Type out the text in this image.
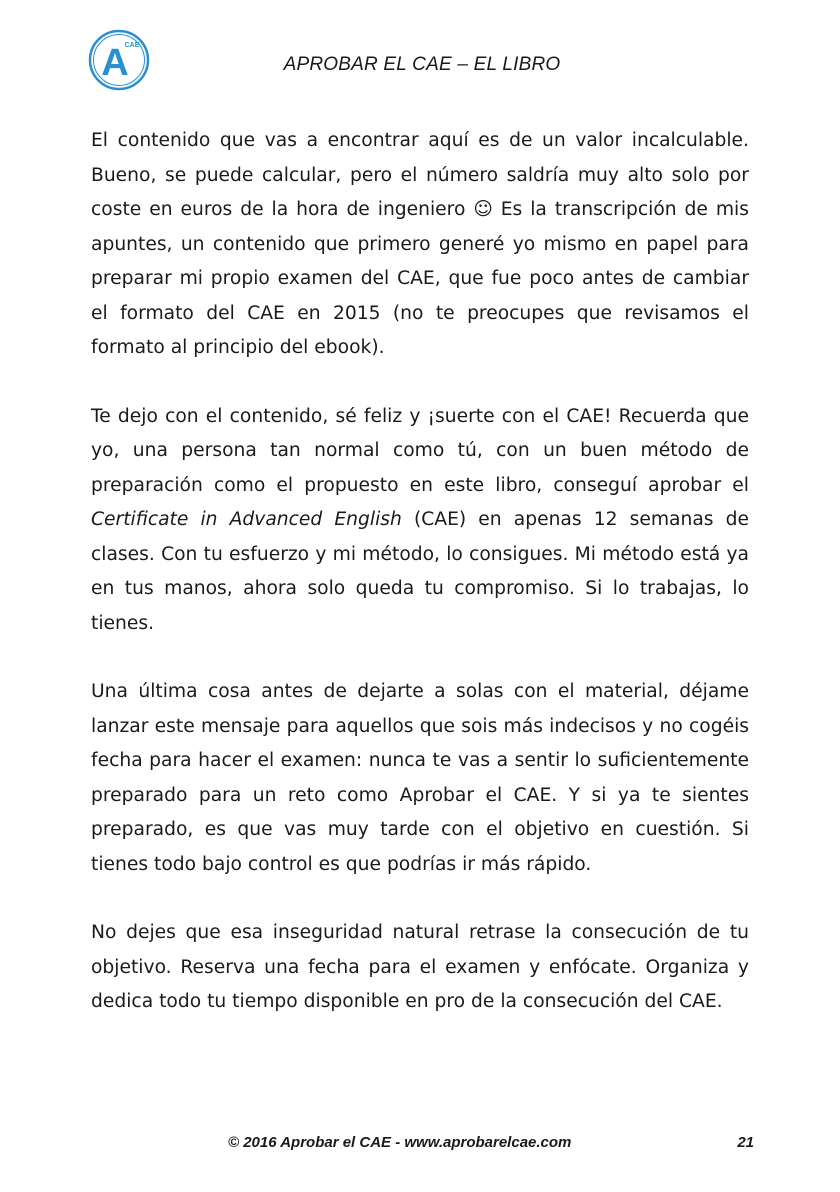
A
CAE
APROBAR EL CAE – EL LIBRO

El contenido que vas a encontrar aquí es de un valor incalculable. Bueno, se puede calcular, pero el número saldría muy alto solo por coste en euros de la hora de ingeniero ☺ Es la transcripción de mis apuntes, un contenido que primero generé yo mismo en papel para preparar mi propio examen del CAE, que fue poco antes de cambiar el formato del CAE en 2015 (no te preocupes que revisamos el formato al principio del ebook).

Te dejo con el contenido, sé feliz y ¡suerte con el CAE! Recuerda que yo, una persona tan normal como tú, con un buen método de preparación como el propuesto en este libro, conseguí aprobar el Certificate in Advanced English (CAE) en apenas 12 semanas de clases. Con tu esfuerzo y mi método, lo consigues. Mi método está ya en tus manos, ahora solo queda tu compromiso. Si lo trabajas, lo tienes.

Una última cosa antes de dejarte a solas con el material, déjame lanzar este mensaje para aquellos que sois más indecisos y no cogéis fecha para hacer el examen: nunca te vas a sentir lo suficientemente preparado para un reto como Aprobar el CAE. Y si ya te sientes preparado, es que vas muy tarde con el objetivo en cuestión. Si tienes todo bajo control es que podrías ir más rápido.

No dejes que esa inseguridad natural retrase la consecución de tu objetivo. Reserva una fecha para el examen y enfócate. Organiza y dedica todo tu tiempo disponible en pro de la consecución del CAE.

© 2016 Aprobar el CAE - www.aprobarelcae.com	21
